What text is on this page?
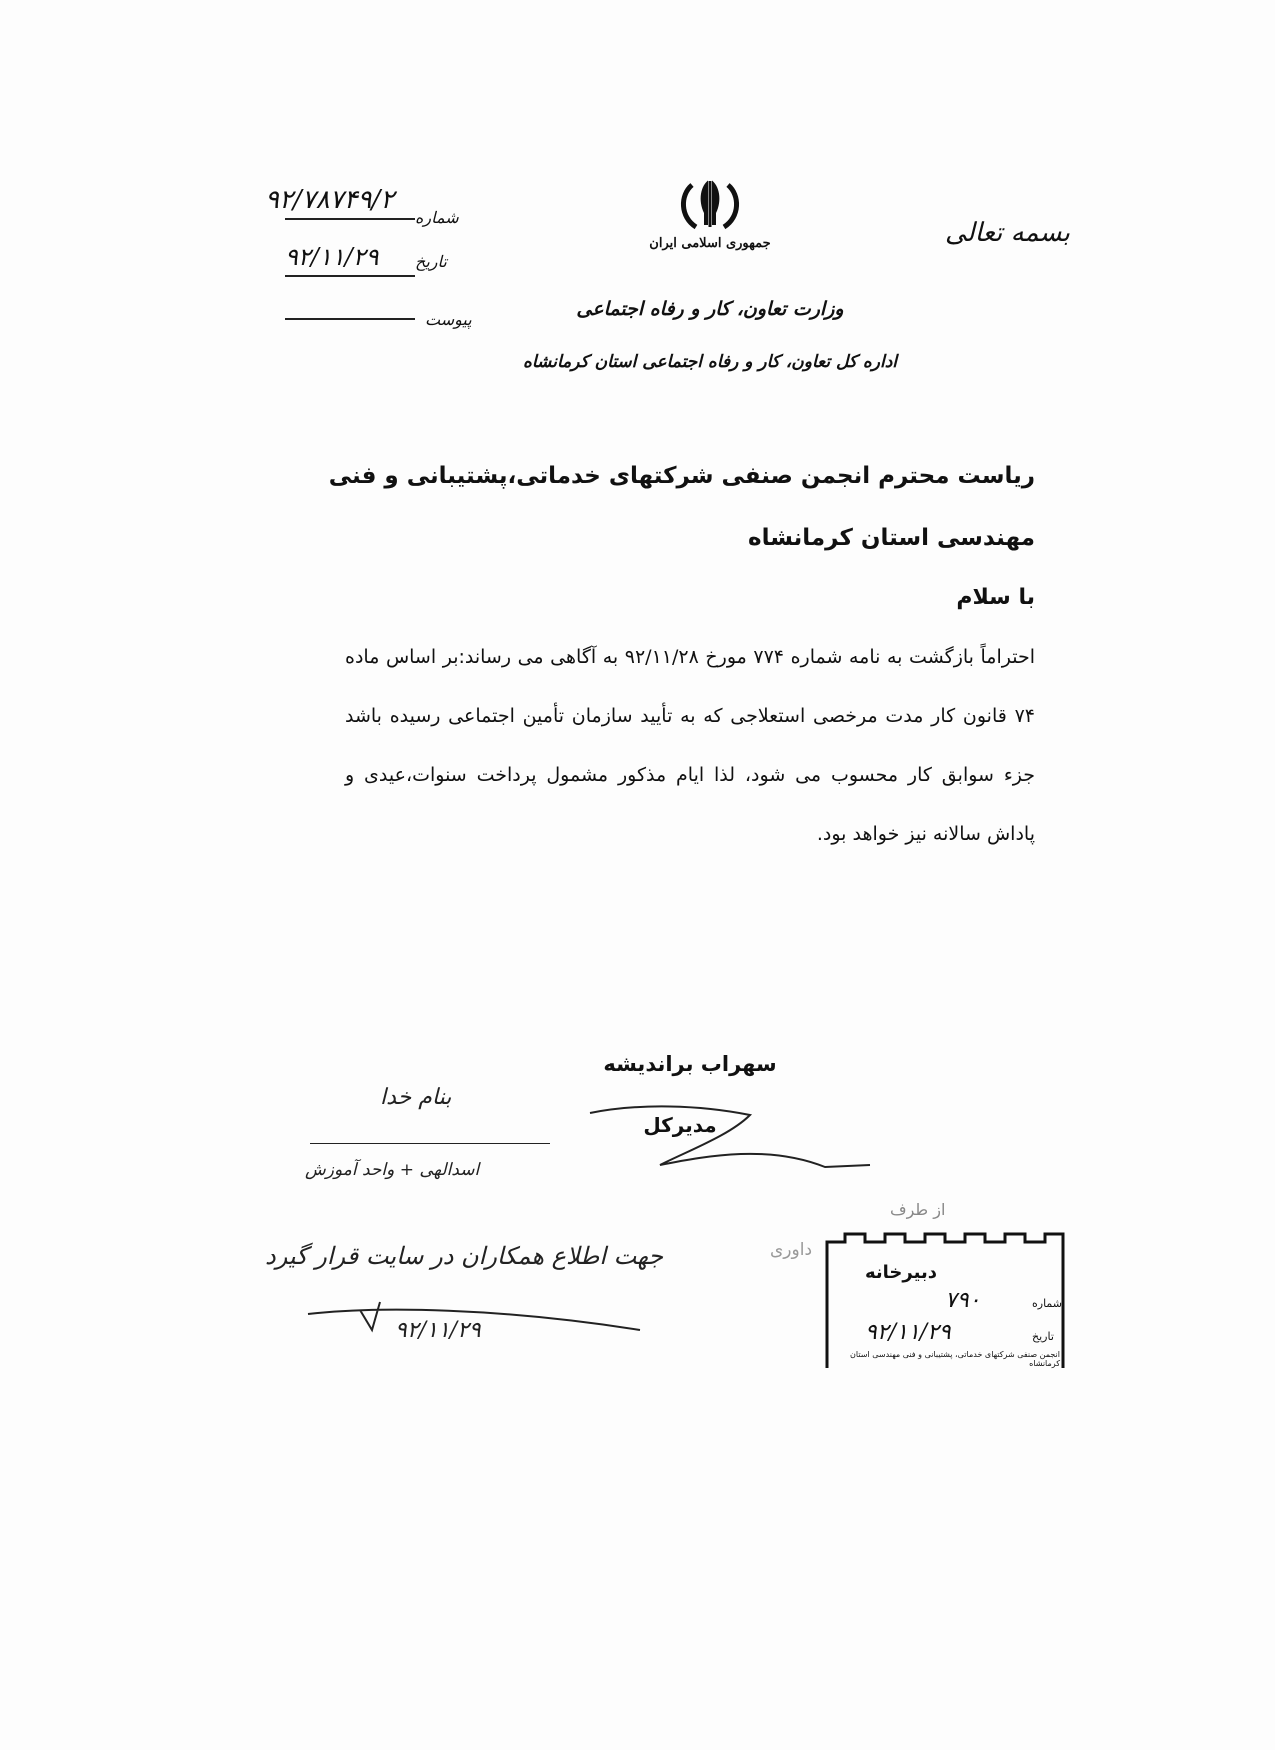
بسمه تعالی
جمهوری اسلامی ایران
وزارت تعاون، کار و رفاه اجتماعی
اداره کل تعاون، کار و رفاه اجتماعی استان کرمانشاه
۹۲/۷۸۷۴۹/۲
شماره
۹۲/۱۱/۲۹ تاریخ
پیوست
ریاست محترم انجمن صنفی شرکتهای خدماتی،پشتیبانی و فنی
مهندسی استان کرمانشاه
با سلام
احتراماً بازگشت به نامه شماره ۷۷۴ مورخ ۹۲/۱۱/۲۸ به آگاهی می رساند:بر اساس ماده ۷۴ قانون کار مدت مرخصی استعلاجی که به تأیید سازمان تأمین اجتماعی رسیده باشد جزء سوابق کار محسوب می شود، لذا ایام مذکور مشمول پرداخت سنوات،عیدی و پاداش سالانه نیز خواهد بود.
سهراب براندیشه
مدیرکل
بنام خدا
اسدالهی + واحد آموزش
جهت اطلاع همکاران در سایت قرار گیرد
۹۲/۱۱/۲۹
از طرف
داوری
دبیرخانه
شماره
۷۹۰
تاریخ
۹۲/۱۱/۲۹
انجمن صنفی شرکتهای خدماتی، پشتیبانی و فنی مهندسی استان کرمانشاه
